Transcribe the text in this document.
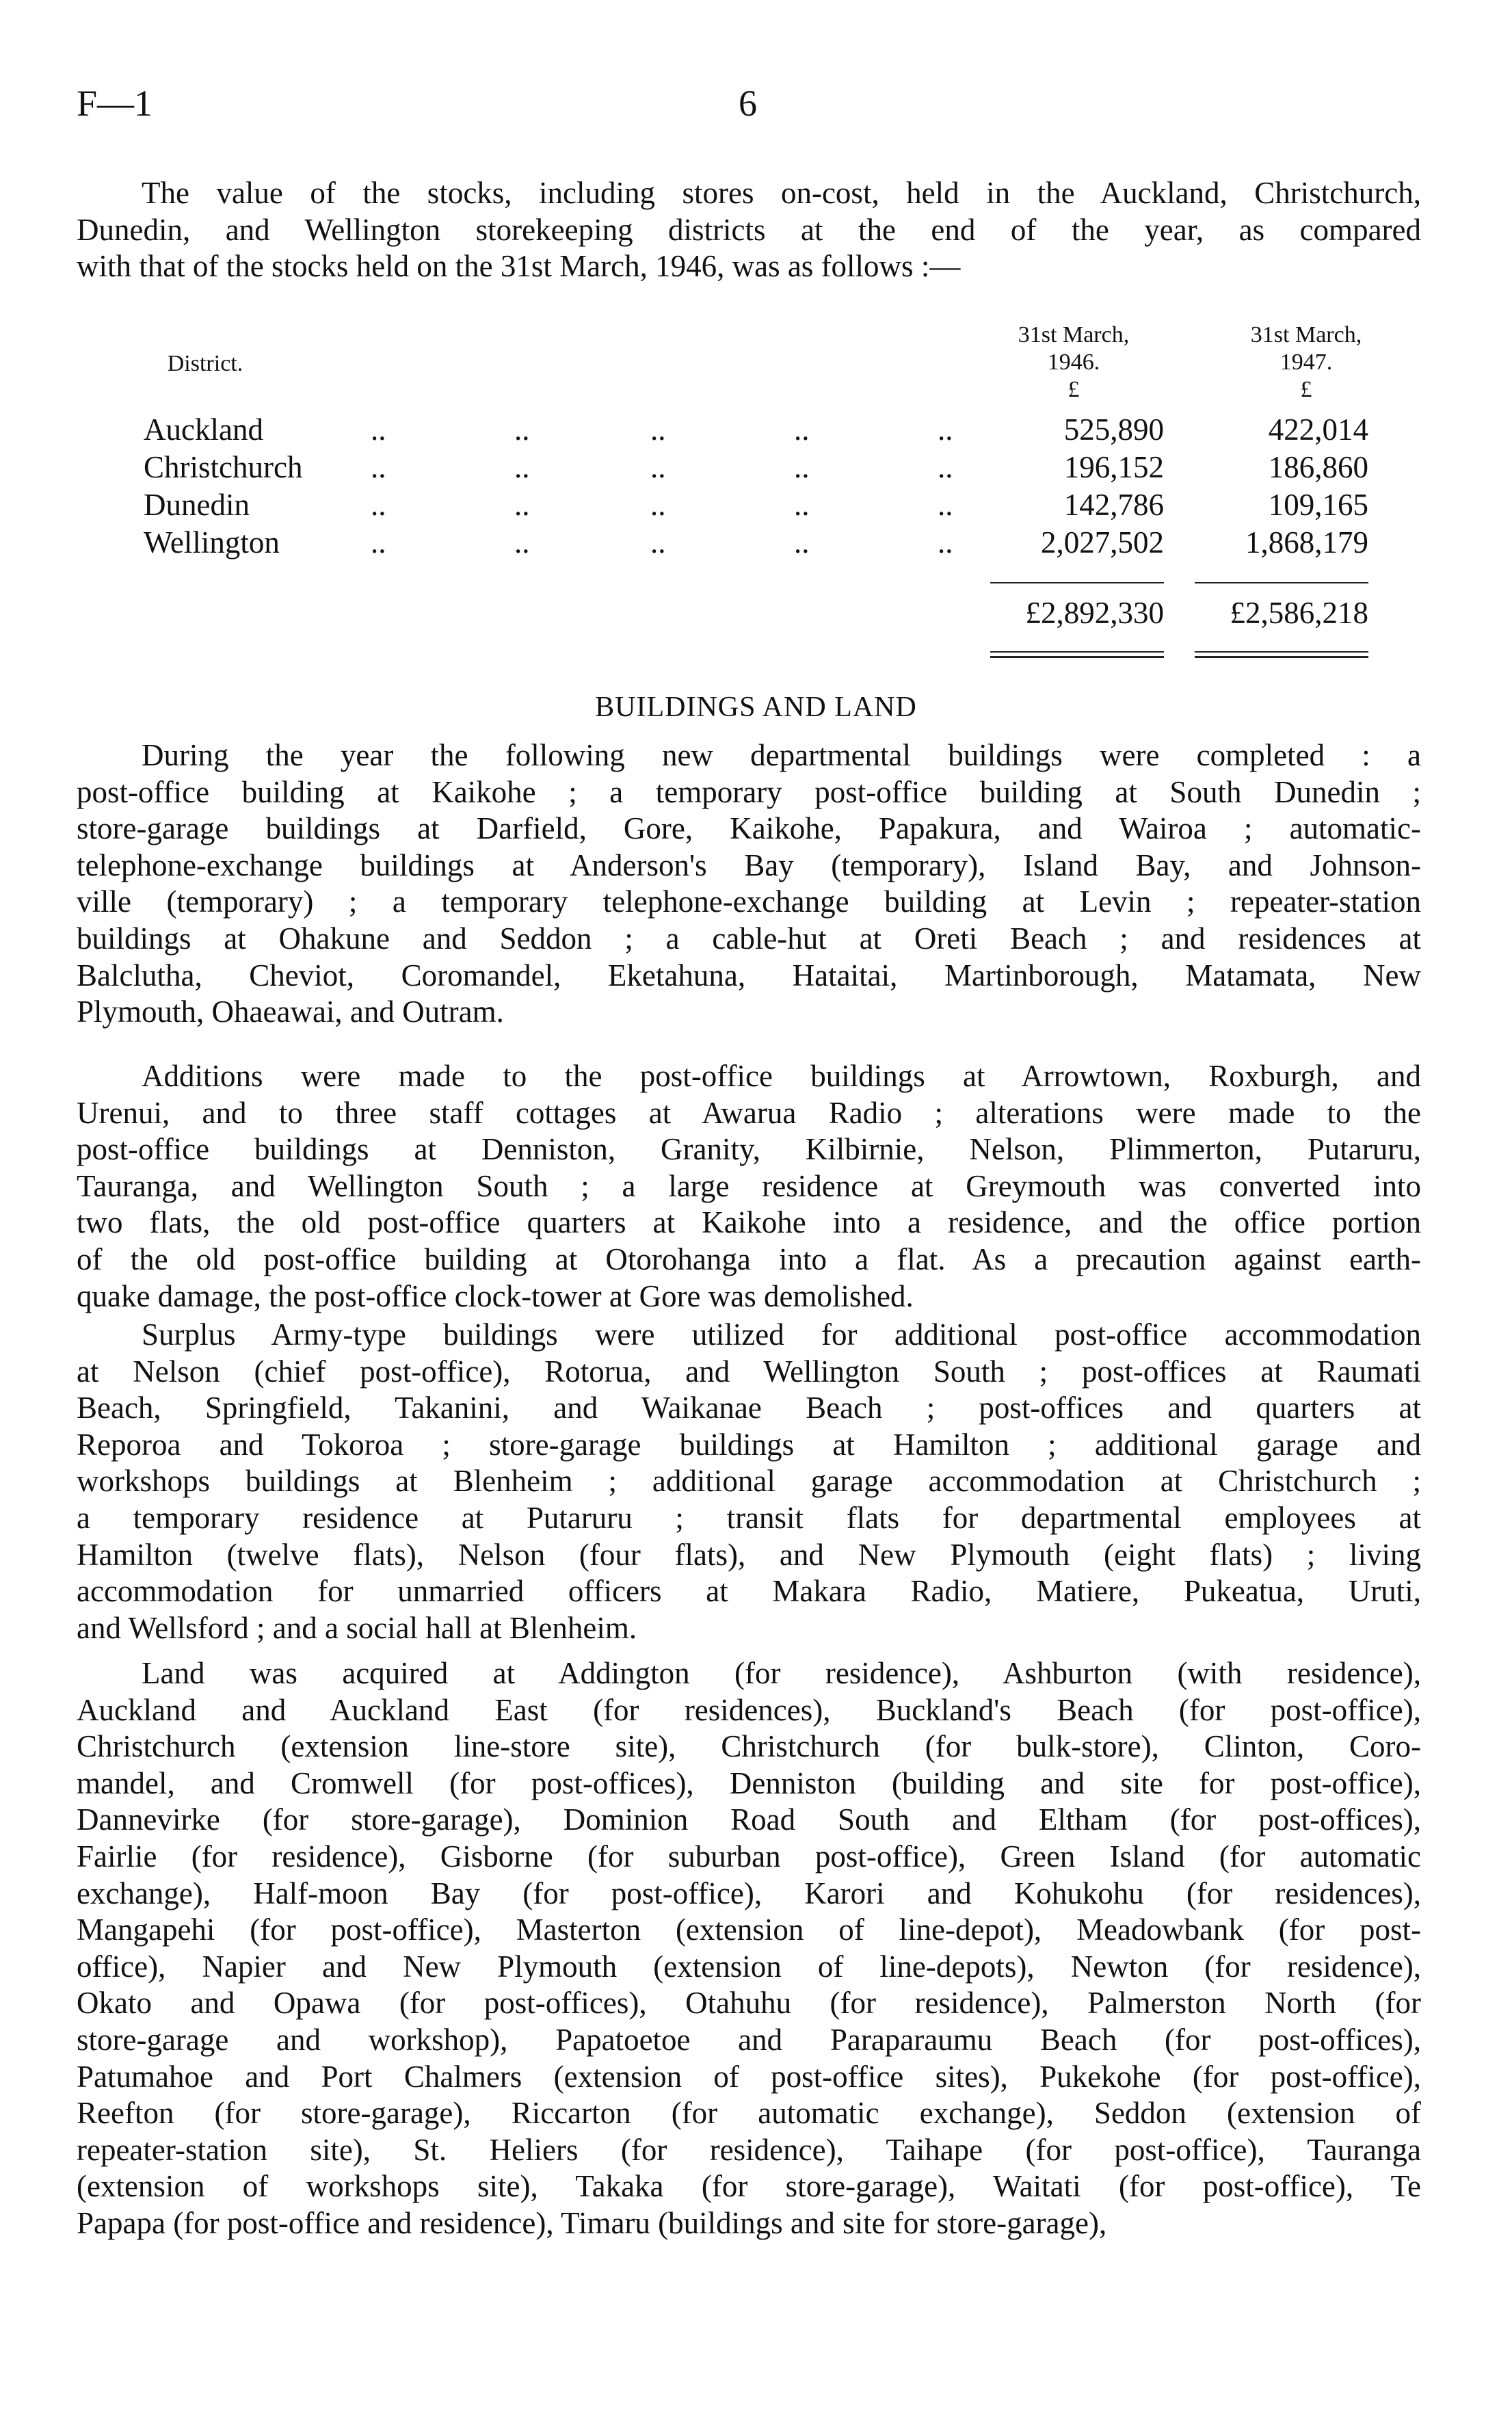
F—1	6
The value of the stocks, including stores on-cost, held in the Auckland, Christchurch,
Dunedin, and Wellington storekeeping districts at the end of the year, as compared
with that of the stocks held on the 31st March, 1946, was as follows :—
District.
31st March,
1946.
£
31st March,
1947.
£
Auckland	..	..	..	..	..	525,890	422,014
Christchurch ..	..	..	..	..	196,152	186,860
Dunedin	..	..	..	..	..	142,786	109,165
Wellington	..	..	..	..	..	2,027,502	1,868,179
£2,892,330	£2,586,218
BUILDINGS AND LAND
During the year the following new departmental buildings were completed : a
post-office building at Kaikohe ; a temporary post-office building at South Dunedin ;
store-garage buildings at Darfield, Gore, Kaikohe, Papakura, and Wairoa ; automatic-
telephone-exchange buildings at Anderson's Bay (temporary), Island Bay, and Johnson-
ville (temporary) ; a temporary telephone-exchange building at Levin ; repeater-station
buildings at Ohakune and Seddon ; a cable-hut at Oreti Beach ; and residences at
Balclutha, Cheviot, Coromandel, Eketahuna, Hataitai, Martinborough, Matamata, New
Plymouth, Ohaeawai, and Outram.
Additions were made to the post-office buildings at Arrowtown, Roxburgh, and
Urenui, and to three staff cottages at Awarua Radio ; alterations were made to the
post-office buildings at Denniston, Granity, Kilbirnie, Nelson, Plimmerton, Putaruru,
Tauranga, and Wellington South ; a large residence at Greymouth was converted into
two flats, the old post-office quarters at Kaikohe into a residence, and the office portion
of the old post-office building at Otorohanga into a flat. As a precaution against earth-
quake damage, the post-office clock-tower at Gore was demolished.
Surplus Army-type buildings were utilized for additional post-office accommodation
at Nelson (chief post-office), Rotorua, and Wellington South ; post-offices at Raumati
Beach, Springfield, Takanini, and Waikanae Beach ; post-offices and quarters at
Reporoa and Tokoroa ; store-garage buildings at Hamilton ; additional garage and
workshops buildings at Blenheim ; additional garage accommodation at Christchurch ;
a temporary residence at Putaruru ; transit flats for departmental employees at
Hamilton (twelve flats), Nelson (four flats), and New Plymouth (eight flats) ; living
accommodation for unmarried officers at Makara Radio, Matiere, Pukeatua, Uruti,
and Wellsford ; and a social hall at Blenheim.
Land was acquired at Addington (for residence), Ashburton (with residence),
Auckland and Auckland East (for residences), Buckland's Beach (for post-office),
Christchurch (extension line-store site), Christchurch (for bulk-store), Clinton, Coro-
mandel, and Cromwell (for post-offices), Denniston (building and site for post-office),
Dannevirke (for store-garage), Dominion Road South and Eltham (for post-offices),
Fairlie (for residence), Gisborne (for suburban post-office), Green Island (for automatic
exchange), Half-moon Bay (for post-office), Karori and Kohukohu (for residences),
Mangapehi (for post-office), Masterton (extension of line-depot), Meadowbank (for post-
office), Napier and New Plymouth (extension of line-depots), Newton (for residence),
Okato and Opawa (for post-offices), Otahuhu (for residence), Palmerston North (for
store-garage and workshop), Papatoetoe and Paraparaumu Beach (for post-offices),
Patumahoe and Port Chalmers (extension of post-office sites), Pukekohe (for post-office),
Reefton (for store-garage), Riccarton (for automatic exchange), Seddon (extension of
repeater-station site), St. Heliers (for residence), Taihape (for post-office), Tauranga
(extension of workshops site), Takaka (for store-garage), Waitati (for post-office), Te
Papapa (for post-office and residence), Timaru (buildings and site for store-garage),
